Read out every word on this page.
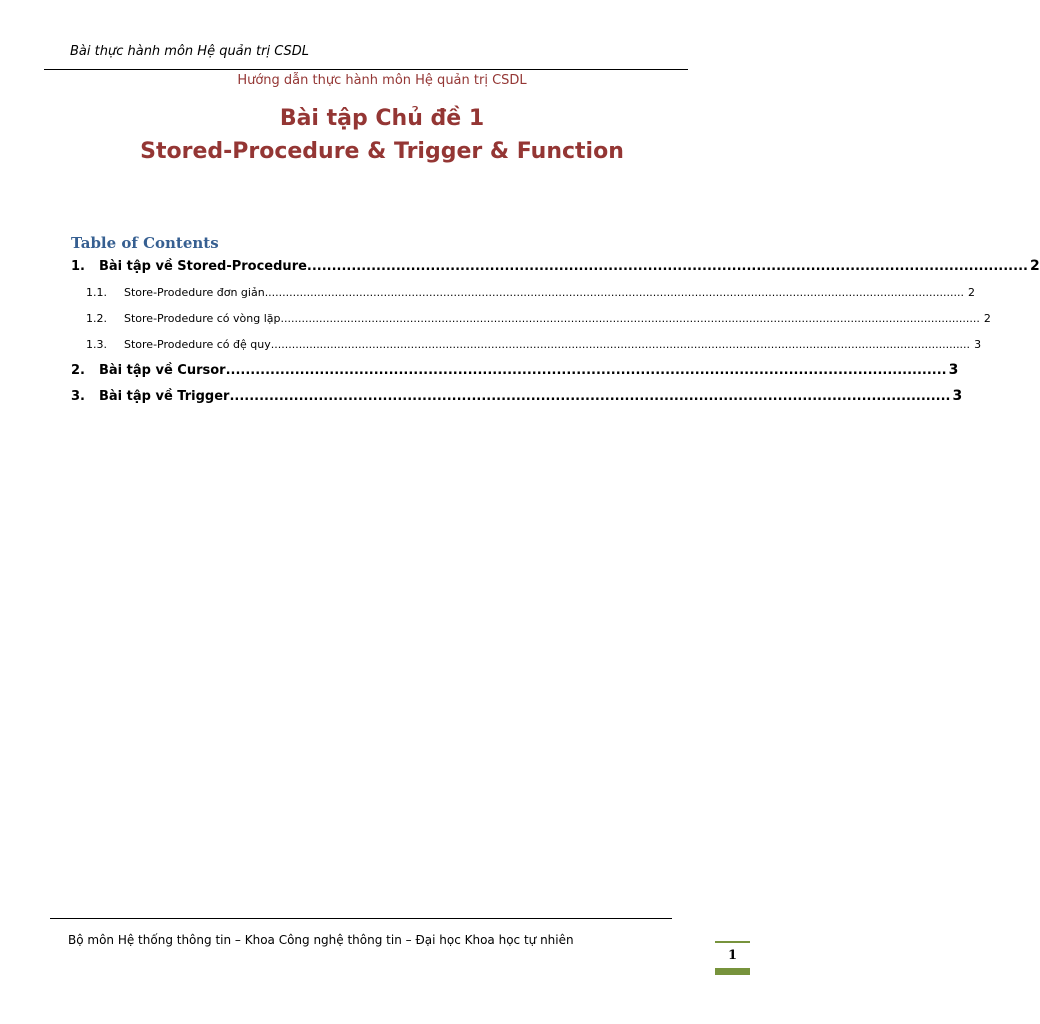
Bài thực hành môn Hệ quản trị CSDL
Hướng dẫn thực hành môn Hệ quản trị CSDL
Bài tập Chủ đề 1
Stored-Procedure & Trigger & Function
Table of Contents
1.	Bài tập về Stored-Procedure .................................................................................................................................................. 2
1.1.	Store-Prodedure đơn giản ........................................................................................................................................................................................................ 2
1.2.	Store-Prodedure có vòng lặp ........................................................................................................................................................................................................ 2
1.3.	Store-Prodedure có đệ quy ........................................................................................................................................................................................................ 3
2.	Bài tập về Cursor .................................................................................................................................................. 3
3.	Bài tập về Trigger .................................................................................................................................................. 3
Bộ môn Hệ thống thông tin – Khoa Công nghệ thông tin – Đại học Khoa học tự nhiên
1
